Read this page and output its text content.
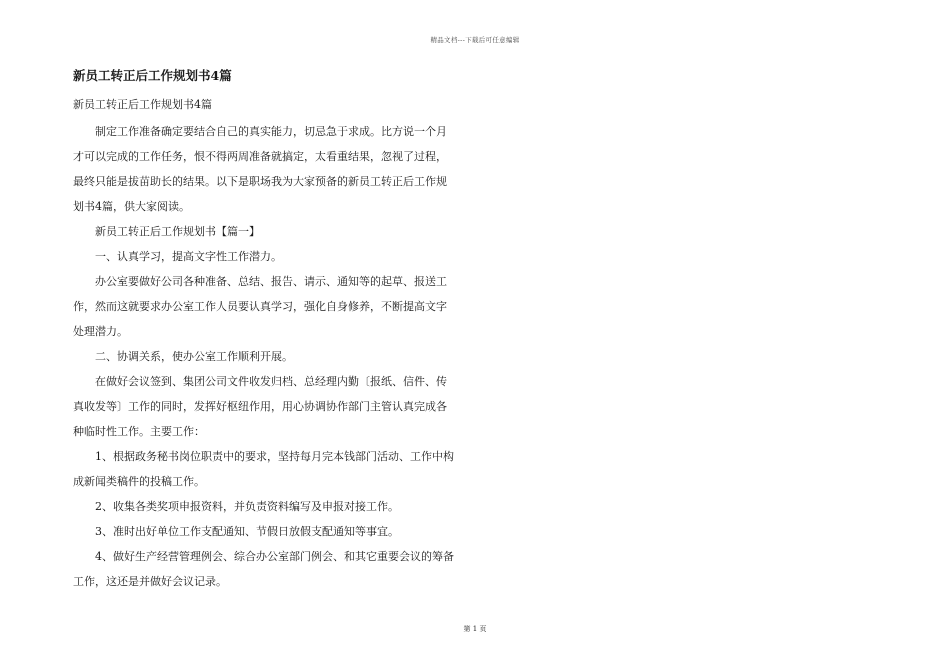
精品文档---下载后可任意编辑
新员工转正后工作规划书4篇
新员工转正后工作规划书4篇

制定工作准备确定要结合自己的真实能力，切忌急于求成。比方说一个月
才可以完成的工作任务，恨不得两周准备就搞定，太看重结果，忽视了过程，
最终只能是拔苗助长的结果。以下是职场我为大家预备的新员工转正后工作规
划书4篇，供大家阅读。

新员工转正后工作规划书【篇一】

一、认真学习，提高文字性工作潜力。

办公室要做好公司各种准备、总结、报告、请示、通知等的起草、报送工
作，然而这就要求办公室工作人员要认真学习，强化自身修养，不断提高文字
处理潜力。

二、协调关系，使办公室工作顺利开展。

在做好会议签到、集团公司文件收发归档、总经理内勤〔报纸、信件、传
真收发等〕工作的同时，发挥好枢纽作用，用心协调协作部门主管认真完成各
种临时性工作。主要工作：

1、根据政务秘书岗位职责中的要求，坚持每月完本钱部门活动、工作中构
成新闻类稿件的投稿工作。

2、收集各类奖项申报资料，并负责资料编写及申报对接工作。

3、准时出好单位工作支配通知、节假日放假支配通知等事宜。

4、做好生产经营管理例会、综合办公室部门例会、和其它重要会议的筹备
工作，这还是并做好会议记录。

第 1 页
